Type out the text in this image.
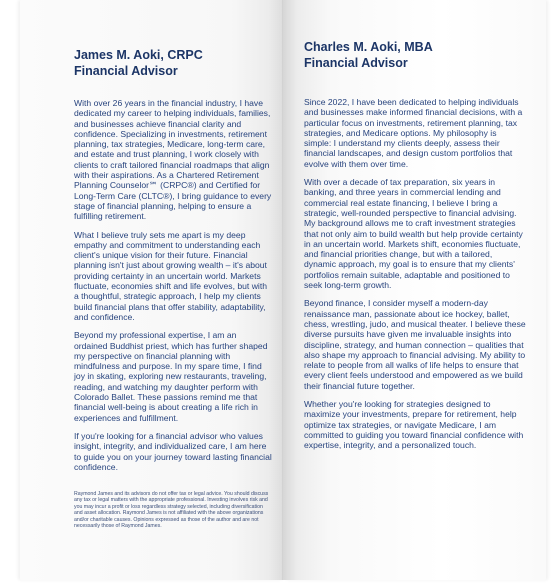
James M. Aoki, CRPC

Financial Advisor

With over 26 years in the financial industry, I have dedicated my career to helping individuals, families, and businesses achieve financial clarity and confidence. Specializing in investments, retirement planning, tax strategies, Medicare, long-term care, and estate and trust planning, I work closely with clients to craft tailored financial roadmaps that align with their aspirations. As a Chartered Retirement Planning Counselor℠ (CRPC®) and Certified for Long-Term Care (CLTC®), I bring guidance to every stage of financial planning, helping to ensure a fulfilling retirement.

What I believe truly sets me apart is my deep empathy and commitment to understanding each client's unique vision for their future. Financial planning isn't just about growing wealth – it's about providing certainty in an uncertain world. Markets fluctuate, economies shift and life evolves, but with a thoughtful, strategic approach, I help my clients build financial plans that offer stability, adaptability, and confidence.

Beyond my professional expertise, I am an ordained Buddhist priest, which has further shaped my perspective on financial planning with mindfulness and purpose. In my spare time, I find joy in skating, exploring new restaurants, traveling, reading, and watching my daughter perform with Colorado Ballet. These passions remind me that financial well-being is about creating a life rich in experiences and fulfillment.

If you're looking for a financial advisor who values insight, integrity, and individualized care, I am here to guide you on your journey toward lasting financial confidence.

Raymond James and its advisors do not offer tax or legal advice. You should discuss any tax or legal matters with the appropriate professional. Investing involves risk and you may incur a profit or loss regardless strategy selected, including diversification and asset allocation. Raymond James is not affiliated with the above organizations and/or charitable causes. Opinions expressed as those of the author and are not necessarily those of Raymond James.

Charles M. Aoki, MBA

Financial Advisor

Since 2022, I have been dedicated to helping individuals and businesses make informed financial decisions, with a particular focus on investments, retirement planning, tax strategies, and Medicare options. My philosophy is simple: I understand my clients deeply, assess their financial landscapes, and design custom portfolios that evolve with them over time.

With over a decade of tax preparation, six years in banking, and three years in commercial lending and commercial real estate financing, I believe I bring a strategic, well-rounded perspective to financial advising. My background allows me to craft investment strategies that not only aim to build wealth but help provide certainty in an uncertain world. Markets shift, economies fluctuate, and financial priorities change, but with a tailored, dynamic approach, my goal is to ensure that my clients' portfolios remain suitable, adaptable and positioned to seek long-term growth.

Beyond finance, I consider myself a modern-day renaissance man, passionate about ice hockey, ballet, chess, wrestling, judo, and musical theater. I believe these diverse pursuits have given me invaluable insights into discipline, strategy, and human connection – qualities that also shape my approach to financial advising. My ability to relate to people from all walks of life helps to ensure that every client feels understood and empowered as we build their financial future together.

Whether you're looking for strategies designed to maximize your investments, prepare for retirement, help optimize tax strategies, or navigate Medicare, I am committed to guiding you toward financial confidence with expertise, integrity, and a personalized touch.
